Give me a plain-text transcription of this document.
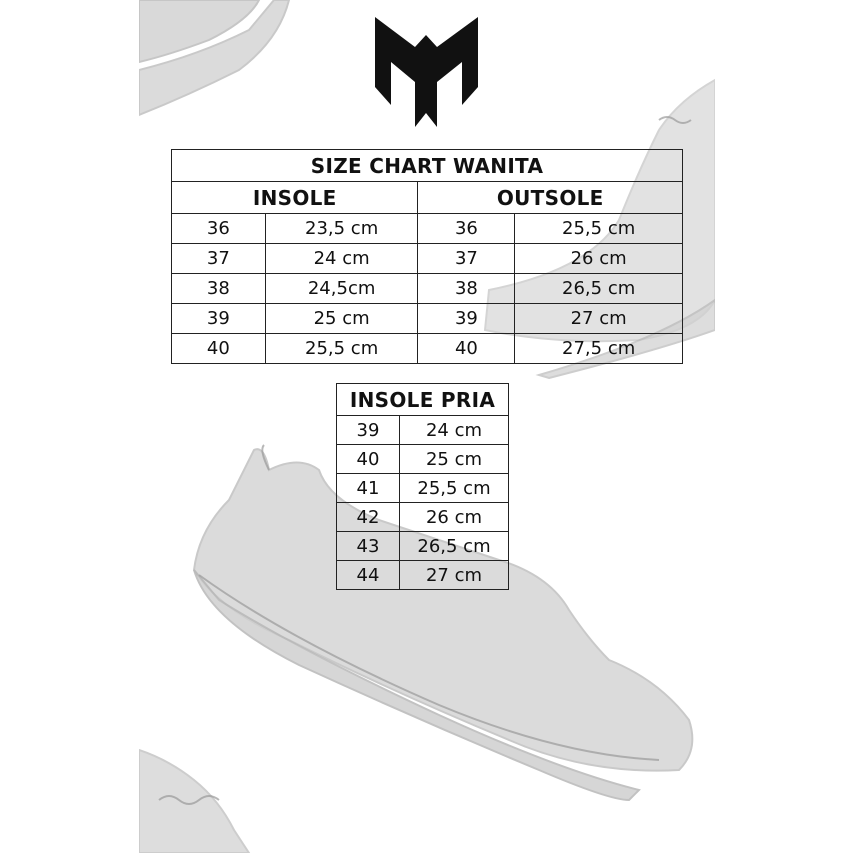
SIZE CHART WANITA			
INSOLE		OUTSOLE	
36	23,5 cm	36	25,5 cm
37	24 cm	37	26 cm
38	24,5cm	38	26,5 cm
39	25 cm	39	27 cm
40	25,5 cm	40	27,5 cm
INSOLE PRIA	
39	24 cm
40	25 cm
41	25,5 cm
42	26 cm
43	26,5 cm
44	27 cm
